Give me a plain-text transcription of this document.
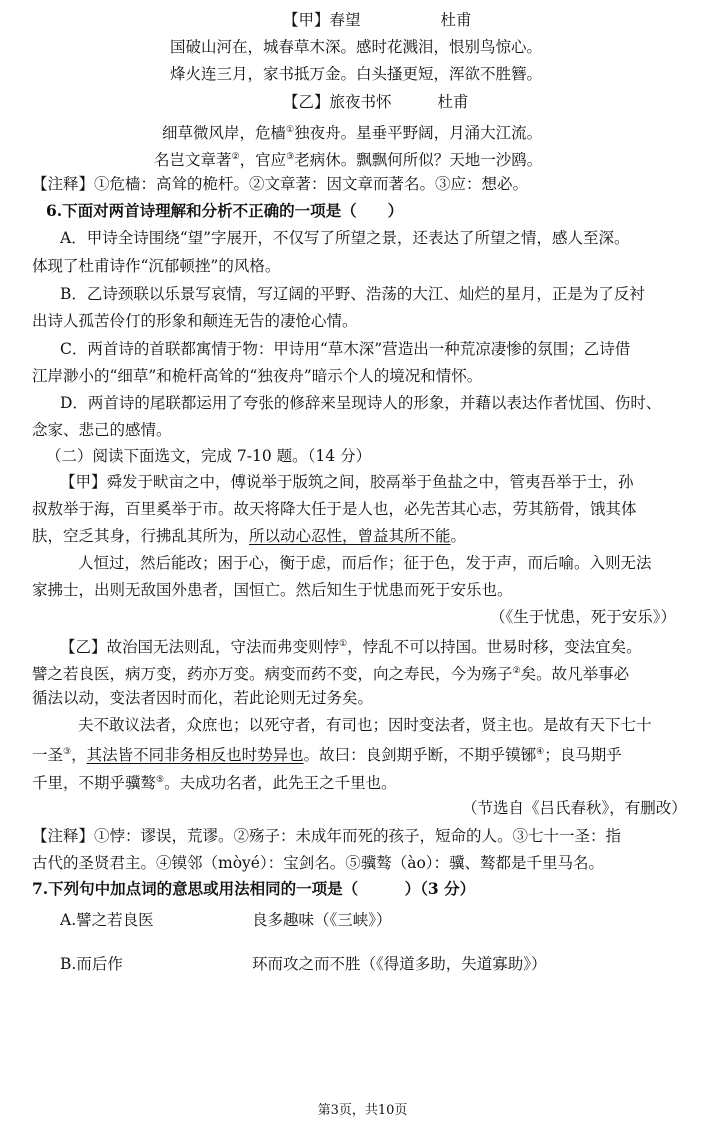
【甲】春望	杜甫
国破山河在，城春草木深。感时花溅泪，恨别鸟惊心。
烽火连三月，家书抵万金。白头搔更短，浑欲不胜簪。
【乙】旅夜书怀	杜甫
细草微风岸，危樯①独夜舟。星垂平野阔，月涌大江流。
名岂文章著②，官应③老病休。飘飘何所似？天地一沙鸥。
【注释】①危樯：高耸的桅杆。②文章著：因文章而著名。③应：想必。
6.下面对两首诗理解和分析不正确的一项是（　　）
A．甲诗全诗围绕“望”字展开，不仅写了所望之景，还表达了所望之情，感人至深。
体现了杜甫诗作“沉郁顿挫”的风格。
B．乙诗颈联以乐景写哀情，写辽阔的平野、浩荡的大江、灿烂的星月，正是为了反衬
出诗人孤苦伶仃的形象和颠连无告的凄怆心情。
C．两首诗的首联都寓情于物：甲诗用“草木深”营造出一种荒凉凄惨的氛围；乙诗借
江岸渺小的“细草”和桅杆高耸的“独夜舟”暗示个人的境况和情怀。
D．两首诗的尾联都运用了夸张的修辞来呈现诗人的形象，并藉以表达作者忧国、伤时、
念家、悲己的感情。
（二）阅读下面选文，完成 7-10 题。（14 分）
【甲】舜发于畎亩之中，傅说举于版筑之间，胶鬲举于鱼盐之中，管夷吾举于士，孙
叔敖举于海，百里奚举于市。故天将降大任于是人也，必先苦其心志，劳其筋骨，饿其体
肤，空乏其身，行拂乱其所为，所以动心忍性，曾益其所不能。
人恒过，然后能改；困于心，衡于虑，而后作；征于色，发于声，而后喻。入则无法
家拂士，出则无敌国外患者，国恒亡。然后知生于忧患而死于安乐也。
（《生于忧患，死于安乐》）
【乙】故治国无法则乱，守法而弗变则悖①，悖乱不可以持国。世易时移，变法宜矣。
譬之若良医，病万变，药亦万变。病变而药不变，向之寿民，今为殇子②矣。故凡举事必
循法以动，变法者因时而化，若此论则无过务矣。
夫不敢议法者，众庶也；以死守者，有司也；因时变法者，贤主也。是故有天下七十
一圣③，其法皆不同非务相反也时势异也。故曰：良剑期乎断，不期乎镆铘④；良马期乎
千里，不期乎骥骜⑤。夫成功名者，此先王之千里也。
（节选自《吕氏春秋》，有删改）
【注释】①悖：谬误，荒谬。②殇子：未成年而死的孩子，短命的人。③七十一圣：指
古代的圣贤君主。④镆邻（mòyé）：宝剑名。⑤骥骜（ào）：骥、骜都是千里马名。
7.下列句中加点词的意思或用法相同的一项是（　　　）（3 分）
A.譬之若良医	良多趣味（《三峡》）
B.而后作	环而攻之而不胜（《得道多助，失道寡助》）
第3页，共10页
